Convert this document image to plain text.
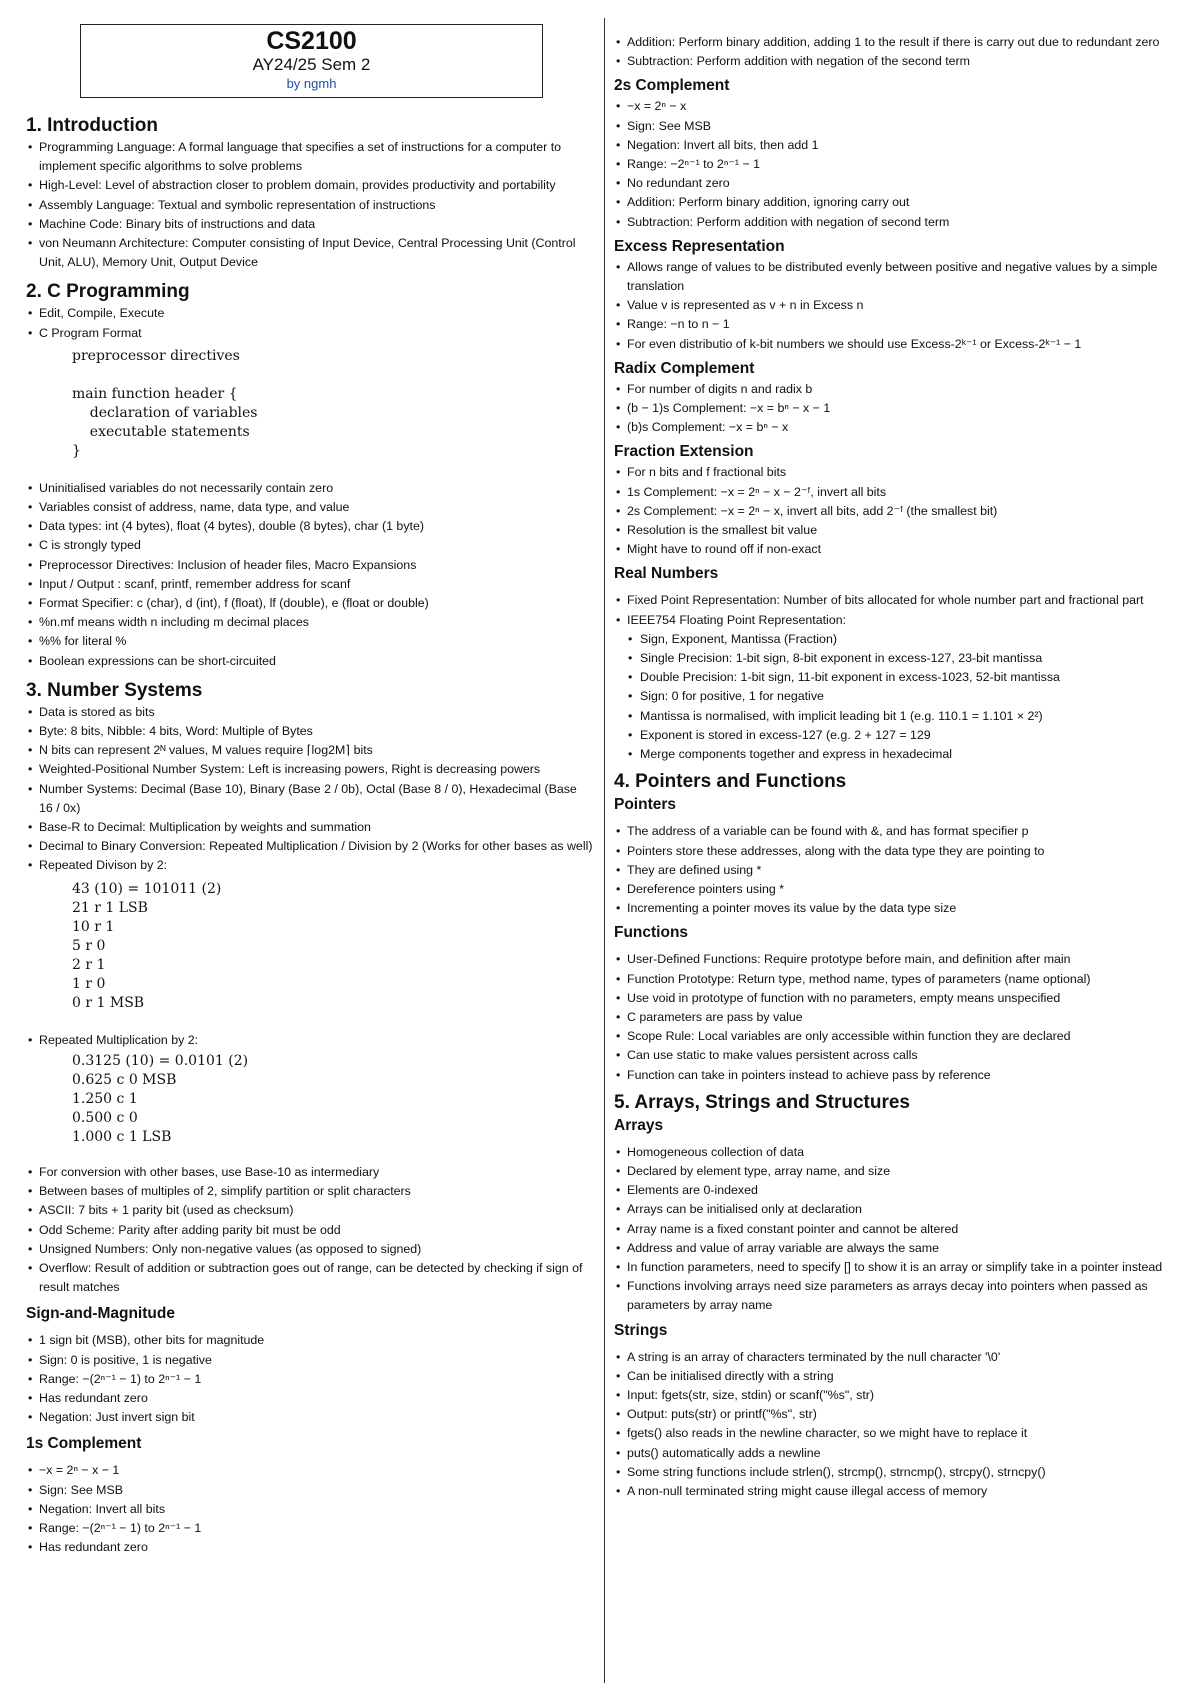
CS2100
AY24/25 Sem 2
by ngmh
1. Introduction
• Programming Language: A formal language that specifies a set of instructions for a computer to implement specific algorithms to solve problems
• High-Level: Level of abstraction closer to problem domain, provides productivity and portability
• Assembly Language: Textual and symbolic representation of instructions
• Machine Code: Binary bits of instructions and data
• von Neumann Architecture: Computer consisting of Input Device, Central Processing Unit (Control Unit, ALU), Memory Unit, Output Device
2. C Programming
• Edit, Compile, Execute
• C Program Format
preprocessor directives

main function header {
declaration of variables
executable statements
}
• Uninitialised variables do not necessarily contain zero
• Variables consist of address, name, data type, and value
• Data types: int (4 bytes), float (4 bytes), double (8 bytes), char (1 byte)
• C is strongly typed
• Preprocessor Directives: Inclusion of header files, Macro Expansions
• Input / Output : scanf, printf, remember address for scanf
• Format Specifier: c (char), d (int), f (float), lf (double), e (float or double)
• %n.mf means width n including m decimal places
• %% for literal %
• Boolean expressions can be short-circuited
3. Number Systems
• Data is stored as bits
• Byte: 8 bits, Nibble: 4 bits, Word: Multiple of Bytes
• N bits can represent 2ᴺ values, M values require ⌈log2M⌉ bits
• Weighted-Positional Number System: Left is increasing powers, Right is decreasing powers
• Number Systems: Decimal (Base 10), Binary (Base 2 / 0b), Octal (Base 8 / 0), Hexadecimal (Base 16 / 0x)
• Base-R to Decimal: Multiplication by weights and summation
• Decimal to Binary Conversion: Repeated Multiplication / Division by 2 (Works for other bases as well)
• Repeated Divison by 2:
43 (10) = 101011 (2)
21 r 1 LSB
10 r 1
5 r 0
2 r 1
1 r 0
0 r 1 MSB
• Repeated Multiplication by 2:
0.3125 (10) = 0.0101 (2)
0.625 c 0 MSB
1.250 c 1
0.500 c 0
1.000 c 1 LSB
• For conversion with other bases, use Base-10 as intermediary
• Between bases of multiples of 2, simplify partition or split characters
• ASCII: 7 bits + 1 parity bit (used as checksum)
• Odd Scheme: Parity after adding parity bit must be odd
• Unsigned Numbers: Only non-negative values (as opposed to signed)
• Overflow: Result of addition or subtraction goes out of range, can be detected by checking if sign of result matches
Sign-and-Magnitude
• 1 sign bit (MSB), other bits for magnitude
• Sign: 0 is positive, 1 is negative
• Range: −(2ⁿ⁻¹ − 1) to 2ⁿ⁻¹ − 1
• Has redundant zero
• Negation: Just invert sign bit
1s Complement
• −x = 2ⁿ − x − 1
• Sign: See MSB
• Negation: Invert all bits
• Range: −(2ⁿ⁻¹ − 1) to 2ⁿ⁻¹ − 1
• Has redundant zero
• Addition: Perform binary addition, adding 1 to the result if there is carry out due to redundant zero
• Subtraction: Perform addition with negation of the second term
2s Complement
• −x = 2ⁿ − x
• Sign: See MSB
• Negation: Invert all bits, then add 1
• Range: −2ⁿ⁻¹ to 2ⁿ⁻¹ − 1
• No redundant zero
• Addition: Perform binary addition, ignoring carry out
• Subtraction: Perform addition with negation of second term
Excess Representation
• Allows range of values to be distributed evenly between positive and negative values by a simple translation
• Value v is represented as v + n in Excess n
• Range: −n to n − 1
• For even distributio of k-bit numbers we should use Excess-2ᵏ⁻¹ or Excess-2ᵏ⁻¹ − 1
Radix Complement
• For number of digits n and radix b
• (b − 1)s Complement: −x = bⁿ − x − 1
• (b)s Complement: −x = bⁿ − x
Fraction Extension
• For n bits and f fractional bits
• 1s Complement: −x = 2ⁿ − x − 2⁻ᶠ, invert all bits
• 2s Complement: −x = 2ⁿ − x, invert all bits, add 2⁻ᶠ (the smallest bit)
• Resolution is the smallest bit value
• Might have to round off if non-exact
Real Numbers
• Fixed Point Representation: Number of bits allocated for whole number part and fractional part
• IEEE754 Floating Point Representation:
• Sign, Exponent, Mantissa (Fraction)
• Single Precision: 1-bit sign, 8-bit exponent in excess-127, 23-bit mantissa
• Double Precision: 1-bit sign, 11-bit exponent in excess-1023, 52-bit mantissa
• Sign: 0 for positive, 1 for negative
• Mantissa is normalised, with implicit leading bit 1 (e.g. 110.1 = 1.101 × 2²)
• Exponent is stored in excess-127 (e.g. 2 + 127 = 129
• Merge components together and express in hexadecimal
4. Pointers and Functions
Pointers
• The address of a variable can be found with &, and has format specifier p
• Pointers store these addresses, along with the data type they are pointing to
• They are defined using *
• Dereference pointers using *
• Incrementing a pointer moves its value by the data type size
Functions
• User-Defined Functions: Require prototype before main, and definition after main
• Function Prototype: Return type, method name, types of parameters (name optional)
• Use void in prototype of function with no parameters, empty means unspecified
• C parameters are pass by value
• Scope Rule: Local variables are only accessible within function they are declared
• Can use static to make values persistent across calls
• Function can take in pointers instead to achieve pass by reference
5. Arrays, Strings and Structures
Arrays
• Homogeneous collection of data
• Declared by element type, array name, and size
• Elements are 0-indexed
• Arrays can be initialised only at declaration
• Array name is a fixed constant pointer and cannot be altered
• Address and value of array variable are always the same
• In function parameters, need to specify [] to show it is an array or simplify take in a pointer instead
• Functions involving arrays need size parameters as arrays decay into pointers when passed as parameters by array name
Strings
• A string is an array of characters terminated by the null character '\0'
• Can be initialised directly with a string
• Input: fgets(str, size, stdin) or scanf("%s", str)
• Output: puts(str) or printf("%s", str)
• fgets() also reads in the newline character, so we might have to replace it
• puts() automatically adds a newline
• Some string functions include strlen(), strcmp(), strncmp(), strcpy(), strncpy()
• A non-null terminated string might cause illegal access of memory
